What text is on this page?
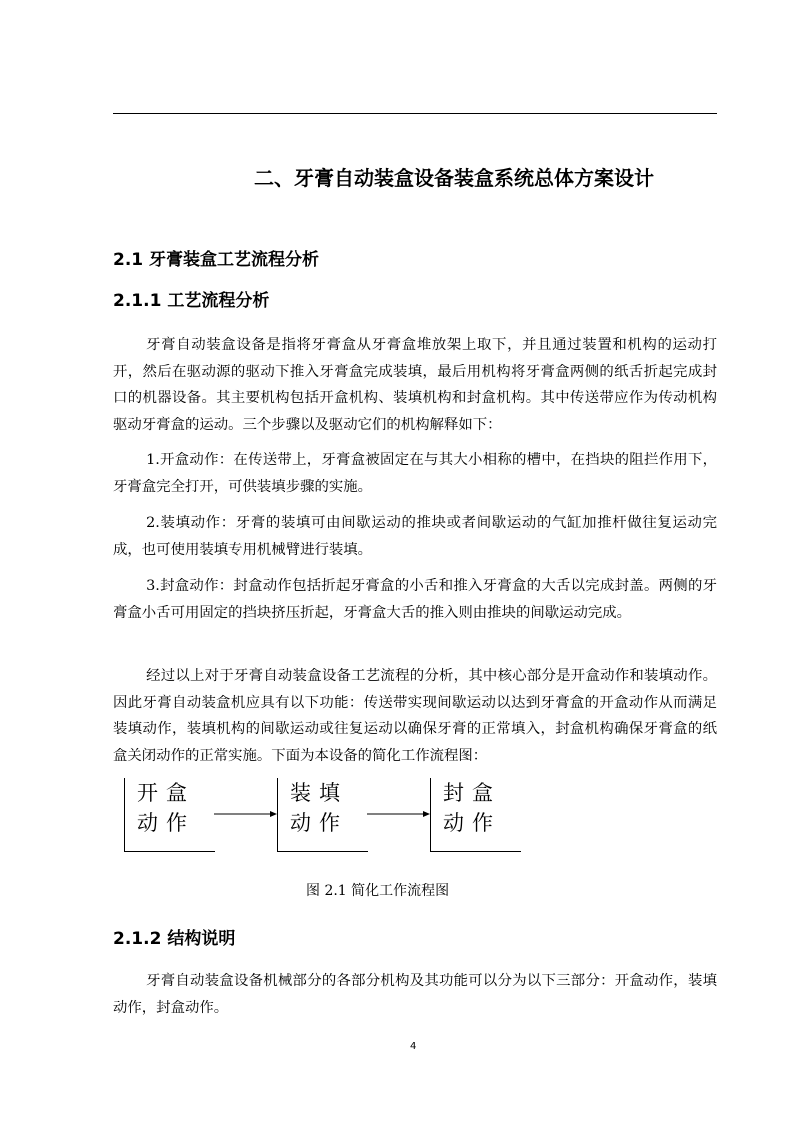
二、牙膏自动装盒设备装盒系统总体方案设计
2.1 牙膏装盒工艺流程分析
2.1.1 工艺流程分析
牙膏自动装盒设备是指将牙膏盒从牙膏盒堆放架上取下，并且通过装置和机构的运动打开，然后在驱动源的驱动下推入牙膏盒完成装填，最后用机构将牙膏盒两侧的纸舌折起完成封口的机器设备。其主要机构包括开盒机构、装填机构和封盒机构。其中传送带应作为传动机构驱动牙膏盒的运动。三个步骤以及驱动它们的机构解释如下：
1.开盒动作：在传送带上，牙膏盒被固定在与其大小相称的槽中，在挡块的阻拦作用下，牙膏盒完全打开，可供装填步骤的实施。
2.装填动作：牙膏的装填可由间歇运动的推块或者间歇运动的气缸加推杆做往复运动完成，也可使用装填专用机械臂进行装填。
3.封盒动作：封盒动作包括折起牙膏盒的小舌和推入牙膏盒的大舌以完成封盖。两侧的牙膏盒小舌可用固定的挡块挤压折起，牙膏盒大舌的推入则由推块的间歇运动完成。
经过以上对于牙膏自动装盒设备工艺流程的分析，其中核心部分是开盒动作和装填动作。因此牙膏自动装盒机应具有以下功能：传送带实现间歇运动以达到牙膏盒的开盒动作从而满足装填动作，装填机构的间歇运动或往复运动以确保牙膏的正常填入，封盒机构确保牙膏盒的纸盒关闭动作的正常实施。下面为本设备的简化工作流程图：
开盒
动作
装填
动作
封盒
动作
图 2.1 简化工作流程图
2.1.2 结构说明
牙膏自动装盒设备机械部分的各部分机构及其功能可以分为以下三部分：开盒动作，装填动作，封盒动作。
4
